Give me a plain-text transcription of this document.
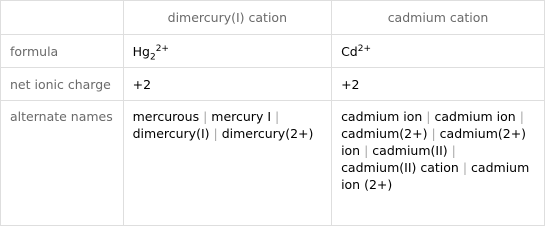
	dimercury(I) cation	cadmium cation
formula	$Hg_2^{2+}$	$Cd^{2+}$
net ionic charge	+2	+2
alternate names	mercurous | mercury I | dimercury(I) | dimercury(2+)	cadmium ion | cadmium ion | cadmium(2+) | cadmium(2+) ion | cadmium(II) | cadmium(II) cation | cadmium ion (2+)
